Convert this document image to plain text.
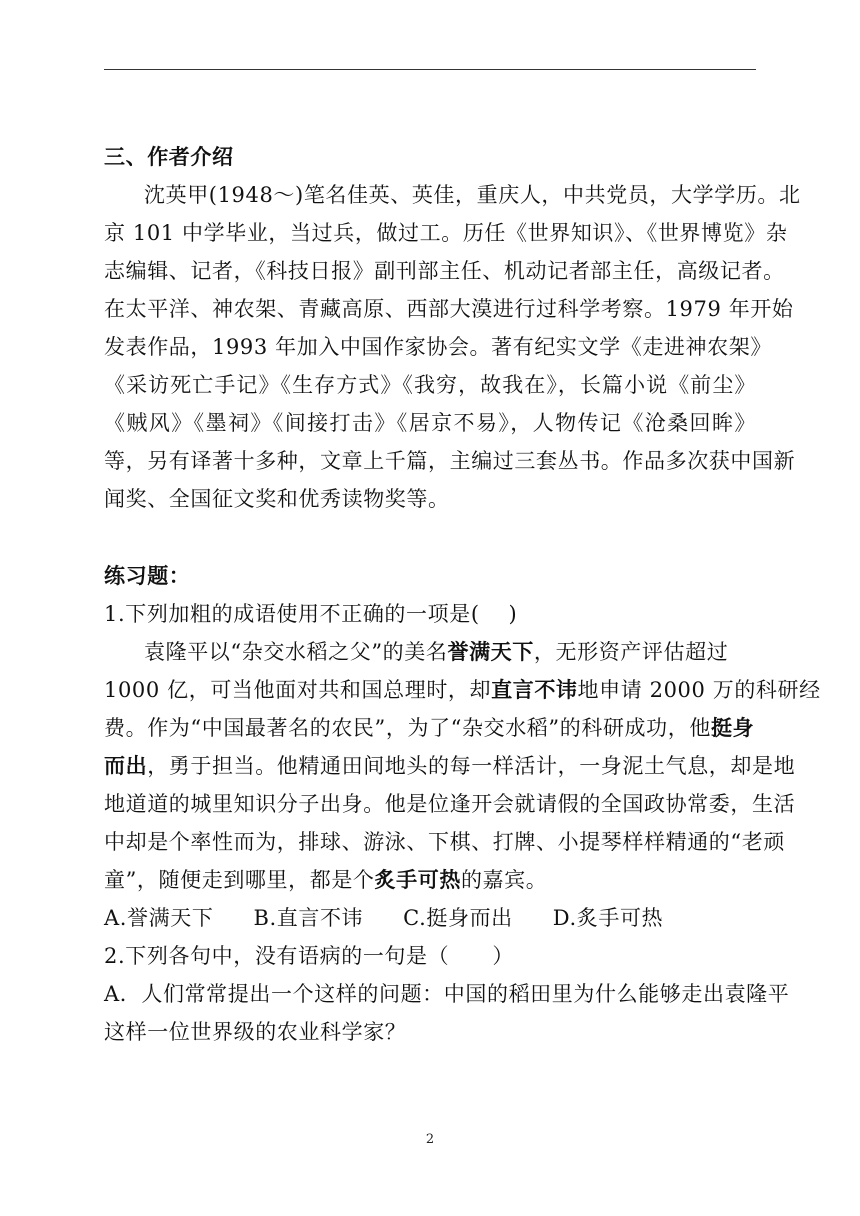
三、作者介绍
沈英甲(1948～)笔名佳英、英佳，重庆人，中共党员，大学学历。北
京 101 中学毕业，当过兵，做过工。历任《世界知识》、《世界博览》杂
志编辑、记者，《科技日报》副刊部主任、机动记者部主任，高级记者。
在太平洋、神农架、青藏高原、西部大漠进行过科学考察。1979 年开始
发表作品，1993 年加入中国作家协会。著有纪实文学《走进神农架》
《采访死亡手记》《生存方式》《我穷，故我在》，长篇小说《前尘》
《贼风》《墨祠》《间接打击》《居京不易》，人物传记《沧桑回眸》
等，另有译著十多种，文章上千篇，主编过三套丛书。作品多次获中国新
闻奖、全国征文奖和优秀读物奖等。
练习题：
1.下列加粗的成语使用不正确的一项是(　 )
袁隆平以“杂交水稻之父”的美名誉满天下，无形资产评估超过
1000 亿，可当他面对共和国总理时，却直言不讳地申请 2000 万的科研经
费。作为“中国最著名的农民”，为了“杂交水稻”的科研成功，他挺身
而出，勇于担当。他精通田间地头的每一样活计，一身泥土气息，却是地
地道道的城里知识分子出身。他是位逢开会就请假的全国政协常委，生活
中却是个率性而为，排球、游泳、下棋、打牌、小提琴样样精通的“老顽
童”，随便走到哪里，都是个炙手可热的嘉宾。
A.誉满天下 B.直言不讳 C.挺身而出 D.炙手可热
2.下列各句中，没有语病的一句是（　　）
A．人们常常提出一个这样的问题：中国的稻田里为什么能够走出袁隆平
这样一位世界级的农业科学家？
2
